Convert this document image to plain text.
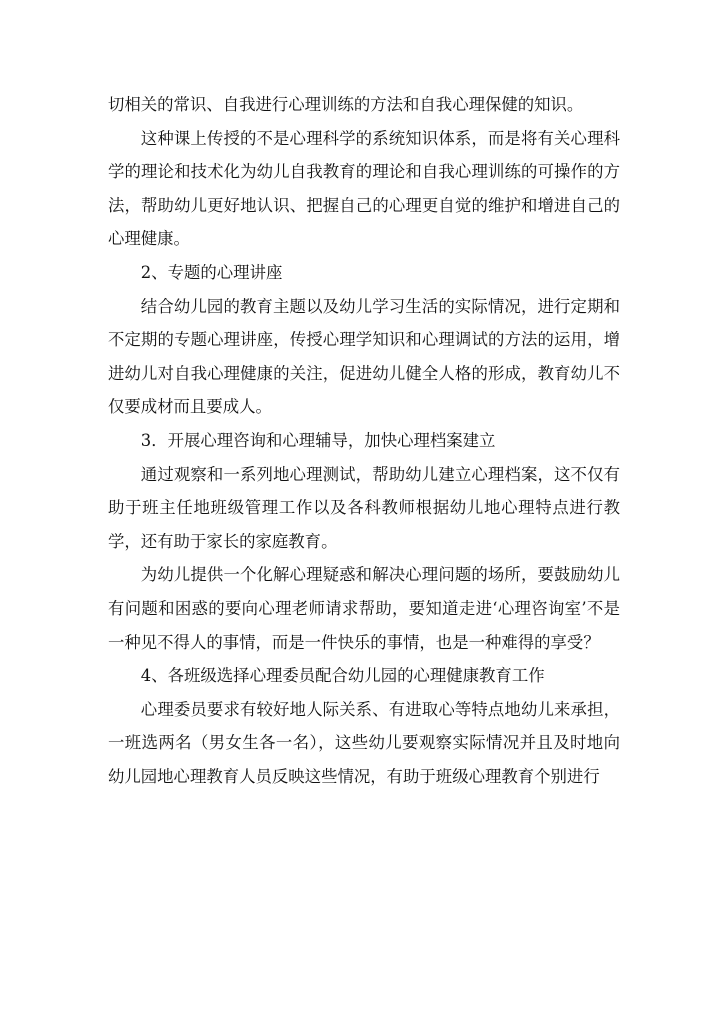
切相关的常识、自我进行心理训练的方法和自我心理保健的知识。

这种课上传授的不是心理科学的系统知识体系，而是将有关心理科学的理论和技术化为幼儿自我教育的理论和自我心理训练的可操作的方法，帮助幼儿更好地认识、把握自己的心理更自觉的维护和增进自己的心理健康。

2、专题的心理讲座

结合幼儿园的教育主题以及幼儿学习生活的实际情况，进行定期和不定期的专题心理讲座，传授心理学知识和心理调试的方法的运用，增进幼儿对自我心理健康的关注，促进幼儿健全人格的形成，教育幼儿不仅要成材而且要成人。

3．开展心理咨询和心理辅导，加快心理档案建立

通过观察和一系列地心理测试，帮助幼儿建立心理档案，这不仅有助于班主任地班级管理工作以及各科教师根据幼儿地心理特点进行教学，还有助于家长的家庭教育。

为幼儿提供一个化解心理疑惑和解决心理问题的场所，要鼓励幼儿有问题和困惑的要向心理老师请求帮助，要知道走进‘心理咨询室’不是一种见不得人的事情，而是一件快乐的事情，也是一种难得的享受？

4、各班级选择心理委员配合幼儿园的心理健康教育工作

心理委员要求有较好地人际关系、有进取心等特点地幼儿来承担，一班选两名（男女生各一名），这些幼儿要观察实际情况并且及时地向幼儿园地心理教育人员反映这些情况，有助于班级心理教育个别进行
